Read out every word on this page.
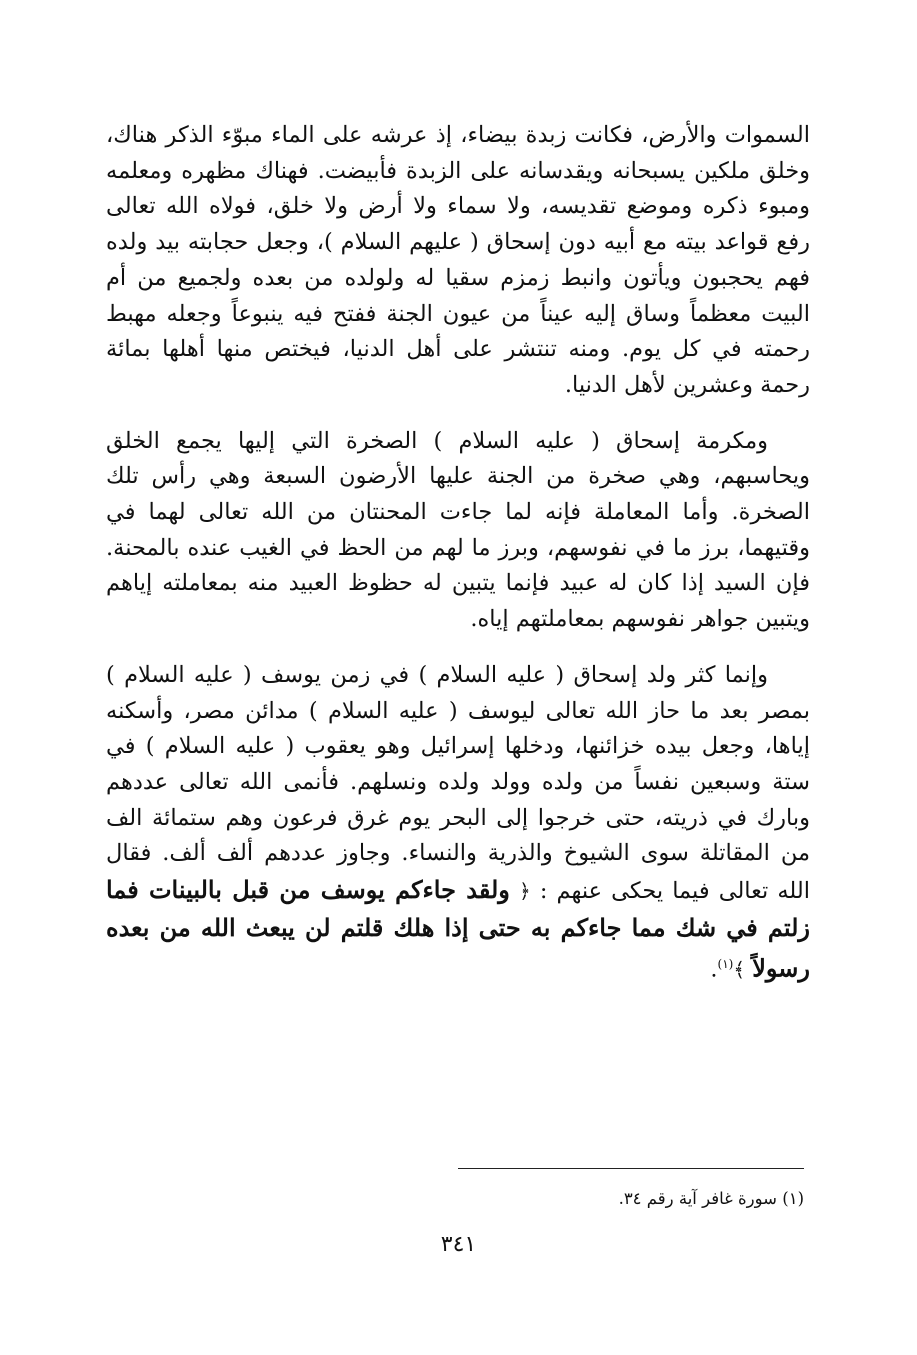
السموات والأرض، فكانت زبدة بيضاء، إذ عرشه على الماء مبوّء الذكر هناك، وخلق ملكين يسبحانه ويقدسانه على الزبدة فأبيضت. فهناك مظهره ومعلمه ومبوء ذكره وموضع تقديسه، ولا سماء ولا أرض ولا خلق، فولاه الله تعالى رفع قواعد بيته مع أبيه دون إسحاق ( عليهم السلام )، وجعل حجابته بيد ولده فهم يحجبون ويأتون وانبط زمزم سقيا له ولولده من بعده ولجميع من أم البيت معظماً وساق إليه عيناً من عيون الجنة ففتح فيه ينبوعاً وجعله مهبط رحمته في كل يوم. ومنه تنتشر على أهل الدنيا، فيختص منها أهلها بمائة رحمة وعشرين لأهل الدنيا.

ومكرمة إسحاق ( عليه السلام ) الصخرة التي إليها يجمع الخلق ويحاسبهم، وهي صخرة من الجنة عليها الأرضون السبعة وهي رأس تلك الصخرة. وأما المعاملة فإنه لما جاءت المحنتان من الله تعالى لهما في وقتيهما، برز ما في نفوسهم، وبرز ما لهم من الحظ في الغيب عنده بالمحنة. فإن السيد إذا كان له عبيد فإنما يتبين له حظوظ العبيد منه بمعاملته إياهم ويتبين جواهر نفوسهم بمعاملتهم إياه.

وإنما كثر ولد إسحاق ( عليه السلام ) في زمن يوسف ( عليه السلام ) بمصر بعد ما حاز الله تعالى ليوسف ( عليه السلام ) مدائن مصر، وأسكنه إياها، وجعل بيده خزائنها، ودخلها إسرائيل وهو يعقوب ( عليه السلام ) في ستة وسبعين نفساً من ولده وولد ولده ونسلهم. فأنمى الله تعالى عددهم وبارك في ذريته، حتى خرجوا إلى البحر يوم غرق فرعون وهم ستمائة الف من المقاتلة سوى الشيوخ والذرية والنساء. وجاوز عددهم ألف ألف. فقال الله تعالى فيما يحكى عنهم : ﴿ ولقد جاءكم يوسف من قبل بالبينات فما زلتم في شك مما جاءكم به حتى إذا هلك قلتم لن يبعث الله من بعده رسولاً ﴾$^{(١)}$.

(١) سورة غافر آية رقم ٣٤.
٣٤١
